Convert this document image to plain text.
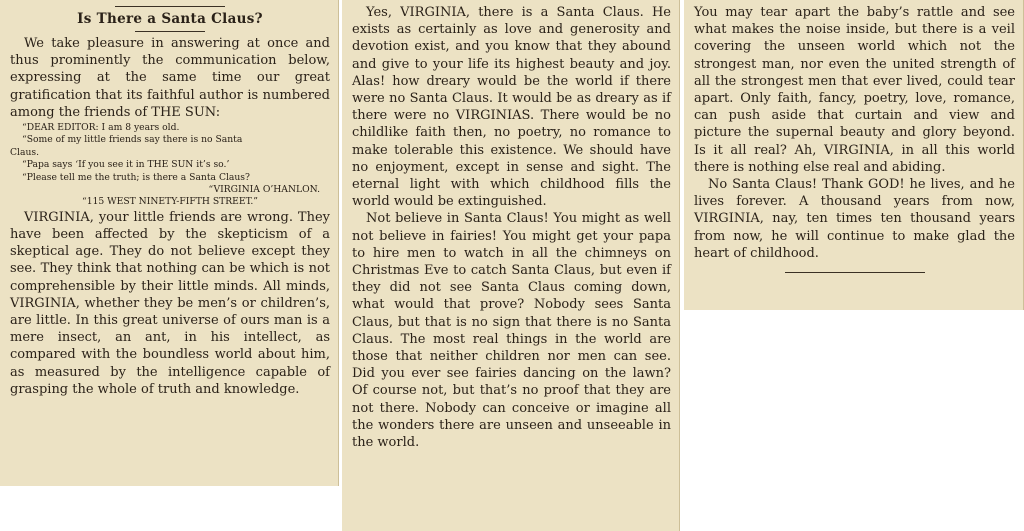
Is There a Santa Claus?

We take pleasure in answering at once and thus prominently the communication below, expressing at the same time our great gratification that its faithful author is numbered among the friends of THE SUN:

“DEAR EDITOR: I am 8 years old.

“Some of my little friends say there is no Santa

Claus.

“Papa says ‘If you see it in THE SUN it’s so.’

“Please tell me the truth; is there a Santa Claus?

“VIRGINIA O’HANLON.

“115 WEST NINETY-FIFTH STREET.”

VIRGINIA, your little friends are wrong. They have been affected by the skepticism of a skeptical age. They do not believe except they see. They think that nothing can be which is not comprehensible by their little minds. All minds, VIRGINIA, whether they be men’s or children’s, are little. In this great universe of ours man is a mere insect, an ant, in his intellect, as compared with the boundless world about him, as measured by the intelligence capable of grasping the whole of truth and knowledge.

Yes, VIRGINIA, there is a Santa Claus. He exists as certainly as love and generosity and devotion exist, and you know that they abound and give to your life its highest beauty and joy. Alas! how dreary would be the world if there were no Santa Claus. It would be as dreary as if there were no VIRGINIAS. There would be no childlike faith then, no poetry, no romance to make tolerable this existence. We should have no enjoyment, except in sense and sight. The eternal light with which childhood fills the world would be extinguished.

Not believe in Santa Claus! You might as well not believe in fairies! You might get your papa to hire men to watch in all the chimneys on Christmas Eve to catch Santa Claus, but even if they did not see Santa Claus coming down, what would that prove? Nobody sees Santa Claus, but that is no sign that there is no Santa Claus. The most real things in the world are those that neither children nor men can see. Did you ever see fairies dancing on the lawn? Of course not, but that’s no proof that they are not there. Nobody can conceive or imagine all the wonders there are unseen and unseeable in the world.

You may tear apart the baby’s rattle and see what makes the noise inside, but there is a veil covering the unseen world which not the strongest man, nor even the united strength of all the strongest men that ever lived, could tear apart. Only faith, fancy, poetry, love, romance, can push aside that curtain and view and picture the supernal beauty and glory beyond. Is it all real? Ah, VIRGINIA, in all this world there is nothing else real and abiding.

No Santa Claus! Thank GOD! he lives, and he lives forever. A thousand years from now, VIRGINIA, nay, ten times ten thousand years from now, he will continue to make glad the heart of childhood.
